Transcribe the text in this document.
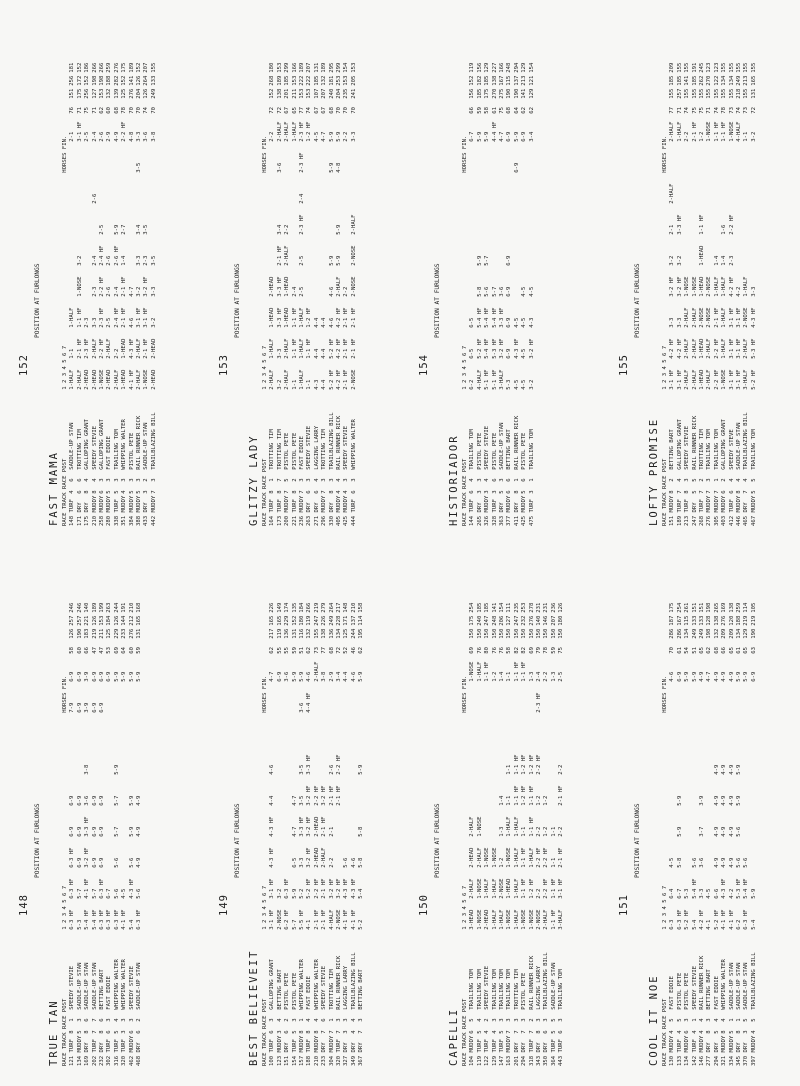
148
POSITION AT FURLONGS
TRUE TAN RACE TRACK RACE POST				1 2 3 4 5 6 7							HORSES FIN.					
121 TURF	8	1	SPEEDY STEVIE	6-3 HF	6-3 HF	6-3 HF	6-9	6-9			7-9	6-9	58	126	257	246
134 MUDDY	5	3	SADDLE-UP STAN	5-3	5-7	6-9	6-9	6-9			6-9	6-9	60	190	257	246
169 DRY	8	6	SADDLE-UP STAN	5-4 HF	4-1 HF	3-2 HF	3-3 HF	3-6	3-8		3-9	3-9	66	183	221	140
202 TURF	7	7	SADDLE-UP STAN	5-4 HF	5-7	6-9	6-9	6-9			6-9	6-9	47	219	126	189
232 DRY	8	6	BETTING BART	6-3 HF	6-3 HF	6-9	6-9	6-9			6-9	6-9	47	211	153	199
302 TURF	6	3	FAST EDDIE	6-3 HF	6-7							6-9	53	125	184	263
316 TURF	5	4	WHIPPING WALTER	6-3 HF	5-6	5-6	5-7	5-7	5-9			5-9	69	229	126	244
320 TURF	3	3	WHIPPING WALTER	4-1 HF	4-5							5-9	64	233	144	191
462 MUDDY	6	3	SPEEDY STEVIE	5-4	4-3 HF	5-6	5-9	5-9				5-9	60	276	212	210
468 DRY	6	2	SADDLE-UP STAN	6-3 HF	5-6	4-9	4-9	4-9				5-9	59	131	165	168
149
POSITION AT FURLONGS
BEST BELIEVEIT RACE TRACK RACE POST				1 2 3 4 5 6 7							HORSES FIN.					
100 TURF	6	3	GALLOPING GRANT	3-1 HF	3-1 HF	4-3 HF	4-3 HF	4-4	4-6			4-7	62	217	165	226
123 MUDDY	3	4	BETTING BART	2-NOSE	3-2							6-9	55	119	165	149
151 DRY	6	2	PISTOL PETE	6-2 HF	6-3 HF							3-6	55	136	229	174
154 TURF	5	3	PISTOL PETE	5-7	5-9	6-5	4-7	4-7				5-9	59	131	152	135
157 MUDDY	8	1	WHIPPING WALTER	5-5 HF	5-2	3-3	3-3 HF	3-5	3-5		3-6	5-9	51	116	180	184
188 TURF	8	4	FAST EDDIE	4-1	5-2 HF	3-2 HF	3-2 HF	3-2 HF	3-3 HF		4-4 HF	4-6	62	132	119	266
210 MUDDY	8	4	WHIPPING WALTER	2-1 HF	2-2 HF	2-HEAD	2-HEAD	2-2 HF				2-HALF	73	155	247	219
233 DRY	7	6	SPEEDY STEVIE	2-1 HF	2-1 HF	2-HALF	2-1 HF	3-2 HF				3-8	77	138	226	279
304 MUDDY	7	1	TROTTING TIM	4-HALF	3-2 HF	2-2	2-1	2-1 HF	2-6			2-9	68	136	249	264
320 TURF	7	3	RAIL RUNNER RICK	2-NOSE	3-2 HF			2-1 HF	2-2 HF			3-4	72	134	228	217
327 DRY	3	3	LAGGING LARRY	4-1 HF	4-3 HF	5-6						4-4	52	125	171	148
349 DRY	4	4	TRAILBLAZING BILL	4-1 HF	4-3 HF	4-6						4-6	46	244	137	210
367 DRY	7	3	BETTING BART	5-2	5-4	5-8	5-8		5-9			5-9	62	195	114	158
150
POSITION AT FURLONGS
CAPELLI RACE TRACK RACE POST				1 2 3 4 5 6 7							HORSES FIN.					
104 MUDDY	6	5	TRAILING TOM	3-HEAD	2-HALF	2-HEAD	2-HALF					1-NOSE	69	150	175	254
119 TURF	5	4	TRAILING TOM	1-NOSE	1-NOSE	2-HALF	1-NOSE					1-HALF	76	150	240	185
122 TURF	4	2	SPEEDY STEVIE	2-HEAD	1-HALF	1-NOSE						1-1 HF	80	150	247	185
129 TURF	4	3	TRAILING TOM	1-HALF	1-HALF	1-NOSE						1-2	76	150	248	141
147 TURF	5	3	TRAILING TOM	1-HALF	2-NOSE	1-2	1-3	1-4				1-4	76	150	206	154
163 MUDDY	7	3	TRAILING TOM	1-NOSE	1-HEAD	1-NOSE	1-HALF	1-1	1-1			1-1	58	150	127	111
201 DRY	7	3	TROTTING TIM	1-HALF	1-HALF	1-HALF	1-HALF	1-1 HF	1-1 HF			1-1 HF	82	150	247	235
294 DRY	7	3	PISTOL PETE	1-NOSE	1-1 HF	1-1 HF	1-1	1-2 HF	1-2 HF			1-1 HF	82	150	232	253
318 TURF	7	2	RAIL RUNNER RICK	1-NOSE	1-2 HF	1-HALF	1-1 HF	1-1 HF	1-2 HF			1-3	69	150	276	278
343 DRY	8	3	LAGGING LARRY	2-NOSE	2-2	2-2 HF	2-2	1-2	2-2 HF		2-3 HF	2-4	79	150	140	231
350 DRY	6	3	TRAILBLAZING BILL	2-HALF	2-2 HF	2-2 HF	1-2	1-2				2-2	78	150	146	231
364 TURF	5	5	SADDLE-UP STAN	1-1 HF	1-1 HF	1-1	1-1					1-3	59	150	207	236
443 TURF	6	3	TRAILING TOM	3-HALF	3-1 HF	2-1 HF	2-2	2-1 HF	2-2			2-5	75	150	180	126
151
POSITION AT FURLONGS
COOL IT NOE RACE TRACK RACE POST				1 2 3 4 5 6 7							HORSES FIN.					
130 MUDDY	4	5	FAST EDDIE	6-3	6-4	4-5						4-6	70	286	187	175
133 TURF	4	5	PISTOL PETE	6-3 HF	6-7	5-8	5-9	5-9				6-9	61	286	167	254
134 MUDDY	6	3	PISTOL PETE	5-2 HF	5-3							5-9	54	134	115	261
142 TURF	4	1	SPEEDY STEVIE	5-4	5-4 HF	5-6						5-9	51	249	133	151
146 MUDDY	4	4	RAIL RUNNER RICK	4-2 HF	3-3	3-6	3-7	3-9				4-9	65	249	133	151
277 DRY	8	3	BETTING BART	4-1	4-5							4-7	62	198	128	198
294 DRY	5	4	FAST EDDIE	5-2 HF	6-6	4-9	4-9	4-9	4-9			4-9	68	132	138	265
321 MUDDY	8	4	WHIPPING WALTER	4-1 HF	4-3 HF	4-9	4-9	4-9	4-9			4-9	66	209	276	169
334 MUDDY	5	1	SADDLE-UP STAN	4-1 HF	4-2	4-9	4-9	4-9	4-9			4-9	65	209	120	138
345 DRY	8	1	SADDLE-UP STAN	6-2	5-3 HF	5-6	5-6	5-9	5-9			5-9	61	134	188	259
370 DRY	3	5	SADDLE-UP STAN	6-3 HF	5-4 HF	5-6						5-9	65	129	219	114
397 MUDDY	4	5	TRAILBLAZING BILL	5-4	5-9							6-9	63	190	219	105
152
POSITION AT FURLONGS
FAST MAMA RACE TRACK RACE POST				1 2 3 4 5 6 7							HORSES FIN.					
148 TURF	4	6	SADDLE-UP STAN	1-HALF	1-1	1-HALF						2-1	76	151	256	181
171 DRY	6	6	TROTTING TIM	2-HALF	2-1 HF	1-1 HF	1-NOSE	3-2				3-1 HF	71	175	172	152
175 DRY	8	4	GALLOPING GRANT	2-HEAD	2-3 HF	2-3						2-5	75	256	152	186
210 MUDDY	8	4	SPEEDY STEVIE	2-HEAD	2-HALF	3-3	2-3	2-4		2-6		2-4	71	127	198	266
258 MUDDY	6	3	GALLOPING GRANT	1-NOSE	2-2 HF	2-3 HF	2-2 HF	2-4 HF	2-5			2-6	62	153	198	266
280 MUDDY	5	3	FAST EDDIE	2-HEAD	2-HALF	2-5	2-6	2-6				2-9	60	132	188	259
338 TURF	5	3	TRAILING TOM	2-HALF	2-2	2-4 HF	2-4	2-6 HF	5-9			4-9	68	139	282	276
351 MUDDY	4	3	WHIPPING WALTER	1-HEAD	1-HEAD	2-1 HF	2-1 HF	1-4	2-7			2-2 HF	78	125	152	175
384 MUDDY	5	3	PISTOL PETE	4-1 HF	4-3 HF	4-6	4-7					4-8	70	276	141	189
388 MUDDY	5	3	RAIL RUNNER RICK	2-HALF	2-HALF	3-1 HF	3-2	3-3	3-4		3-5	3-3	70	204	126	152
433 DRY	3	2	SADDLE-UP STAN	1-NOSE	2-1 HF	3-1 HF	3-2 HF	2-3	3-5			3-6	74	126	264	207
442 MUDDY	7	3	TRAILBLAZING BILL	2-HEAD	2-HEAD	3-2	3-3	3-5				3-8	70	249	133	155
153
POSITION AT FURLONGS
GLITZY LADY RACE TRACK RACE POST				1 2 3 4 5 6 7							HORSES FIN.					
164 TURF	8	1	TROTTING TIM	2-HALF	1-HALF	1-HEAD	2-HEAD					2-2	72	152	268	180
173 TURF	8	7	TROTTING TIM	3-2	3-3	3-3 HF	3-3 HF	2-1 HF	3-4		3-6	2-HALF	72	138	189	153
200 MUDDY	7	5	PISTOL PETE	2-HALF	2-HALF	1-HEAD	1-HEAD	2-HALF	2-2			2-HALF	67	201	185	299
221 TURF	8	2	PISTOL PETE	1-1	1-1 HF	1-1 HF	2-4					1-HALF	65	211	153	166
236 MUDDY	7	3	FAST EDDIE	1-HALF	1-HALF	1-HALF	2-5	2-5	2-3 HF	2-4	2-3 HF	2-3 HF	77	153	222	189
263 DRY	6	3	SPEEDY STEVIE	1-1	1-1 HF	1-2 HF						1-2 HF	74	153	222	207
271 DRY	6	4	LAGGING LARRY	4-3	4-4	4-4						4-5	67	107	185	131
296 MUDDY	7	3	TROTTING TIM	4-4	4-4	4-4						4-7	67	207	132	189
330 DRY	8	3	TRAILBLAZING BILL	5-2 HF	5-2 HF	4-6	4-6	5-9			5-9	5-9	68	240	181	295
405 MUDDY	4	4	RAIL RUNNER RICK	4-2 HF	4-2 HF	4-2 HF	2-HALF	5-9	5-9		4-8	5-9	70	204	253	299
425 MUDDY	4	3	SPEEDY STEVIE	2-1 HF	2-1 HF	2-1 HF	2-2					2-2	70	235	153	154
444 TURF	6	3	WHIPPING WALTER	2-NOSE	2-1 HF	2-1 HF	2-NOSE	2-NOSE	2-HALF			3-3	70	241	205	153
154
POSITION AT FURLONGS
HISTORIADOR RACE TRACK RACE POST				1 2 3 4 5 6 7							HORSES FIN.					
144 TURF	6	4	TRAILING TOM	6-2	6-5	6-5						6-7	66	156	152	119
265 DRY	3	3	PISTOL PETE	4-HALF	5-2 HF	5-4 HF	5-8	5-9				5-9	59	185	182	156
326 MUDDY	3	4	SPEEDY STEVIE	5-1 HF	5-4 HF	5-4 HF	5-6	5-7				5-9	58	175	185	129
328 TURF	3	6	PISTOL PETE	5-1 HF	5-3 HF	5-4 HF	5-7					4-4 HF	61	270	138	227
363 DRY	5	3	SADDLE-UP STAN	3-HALF	3-2 HF	3-3 HF	3-6					4-7	75	275	167	166
377 MUDDY	6	6	BETTING BART	5-3	6-9	6-9	6-9	6-9				6-9	68	190	115	248
411 DRY	8	1	RAIL RUNNER RICK	4-5	4-3 HF	4-5					6-9	5-9	64	190	137	294
425 MUDDY	5	6	PISTOL PETE	4-5	4-5	4-5	4-5					6-9	62	141	213	129
475 TURF	3	1	TRAILING TOM	3-2	3-2 HF	4-3	4-5					3-4	62	129	121	154
155
POSITION AT FURLONGS
LOFTY PROMISE RACE TRACK RACE POST				1 2 3 4 5 6 7							HORSES FIN.					
151 MUDDY	8	2	BETTING BART	3-1 HF	4-2 HF	3-3	3-2 HF	3-2	2-1	2-HALF		2-HALF	77	155	185	209
189 TURF	7	4	GALLOPING GRANT	3-1 HF	4-2 HF	3-3	3-2 HF	3-2	3-3 HF			1-HALF	71	257	185	155
213 TURF	8	3	SPEEDY STEVIE	2-HALF	2-HALF	2-HALF	1-NOSE					2-2	74	155	141	155
247 DRY	5	5	RAIL RUNNER RICK	2-HALF	2-HALF	2-HALF	1-NOSE					2-1 HF	75	155	185	191
268 TURF	7	2	TROTTING TIM	1-HEAD	1-HEAD	2-NOSE	1-HEAD	1-HEAD	1-1 HF			1-2	75	155	262	245
276 MUDDY	7	3	TRAILING TOM	2-HALF	2-HALF	2-NOSE	2-NOSE					1-NOSE	71	155	270	123
305 MUDDY	7	1	TRAILING TOM	2-2 HF	2-2 HF	2-1 HF	1-HALF	1-4				1-1 HF	74	155	122	123
403 MUDDY	6	2	GALLOPING GRANT	1-NOSE	1-HALF	1-HALF	1-HALF	1-4	1-6			1-1 HF	78	155	134	155
412 TURF	6	4	SPEEDY STEVE	3-1 HF	3-1 HF	3-1 HF	4-2 HF	2-3	2-2 HF			1-NOSE	73	155	134	155
446 MUDDY	8	4	SADDLE-UP STAN	3-1 HF	3-1 HF	3-1 HF	4-2					4-HALF	74	218	249	155
465 DRY	7	4	TRAILBLAZING BILL	3-HALF	2-HALF	2-NOSE	1-HALF					1-1	73	155	213	155
467 MUDDY	5	5	TRAILING TOM	5-2 HF	5-3 HF	4-3 HF	3-3					3-2	72	131	165	155
